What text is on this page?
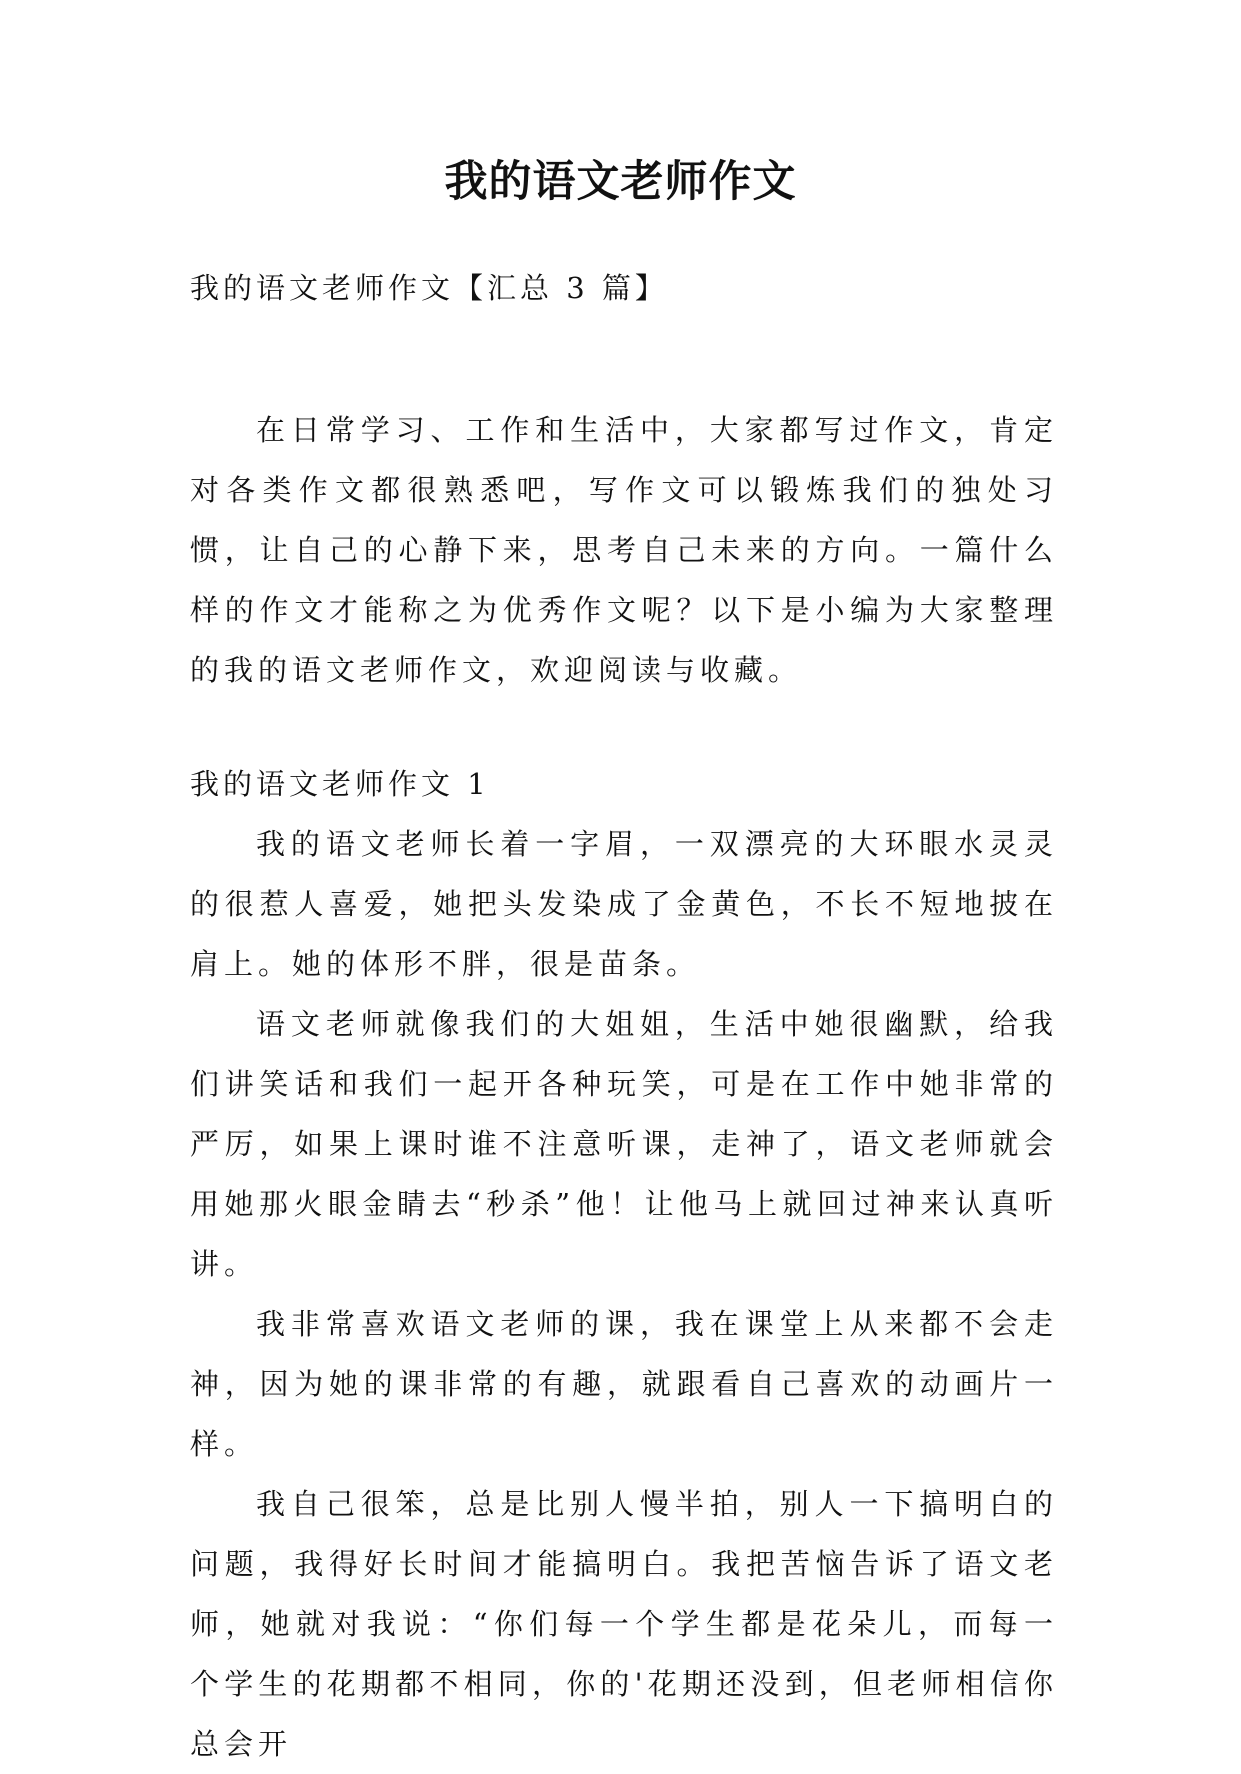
我的语文老师作文
我的语文老师作文【汇总 3 篇】

在日常学习、工作和生活中，大家都写过作文，肯定对各类作文都很熟悉吧，写作文可以锻炼我们的独处习惯，让自己的心静下来，思考自己未来的方向。一篇什么样的作文才能称之为优秀作文呢？以下是小编为大家整理的我的语文老师作文，欢迎阅读与收藏。

我的语文老师作文 1

我的语文老师长着一字眉，一双漂亮的大环眼水灵灵的很惹人喜爱，她把头发染成了金黄色，不长不短地披在肩上。她的体形不胖，很是苗条。

语文老师就像我们的大姐姐，生活中她很幽默，给我们讲笑话和我们一起开各种玩笑，可是在工作中她非常的严厉，如果上课时谁不注意听课，走神了，语文老师就会用她那火眼金睛去“秒杀”他！让他马上就回过神来认真听讲。

我非常喜欢语文老师的课，我在课堂上从来都不会走神，因为她的课非常的有趣，就跟看自己喜欢的动画片一样。

我自己很笨，总是比别人慢半拍，别人一下搞明白的问题，我得好长时间才能搞明白。我把苦恼告诉了语文老师，她就对我说：“你们每一个学生都是花朵儿，而每一个学生的花期都不相同，你的'花期还没到，但老师相信你总会开
